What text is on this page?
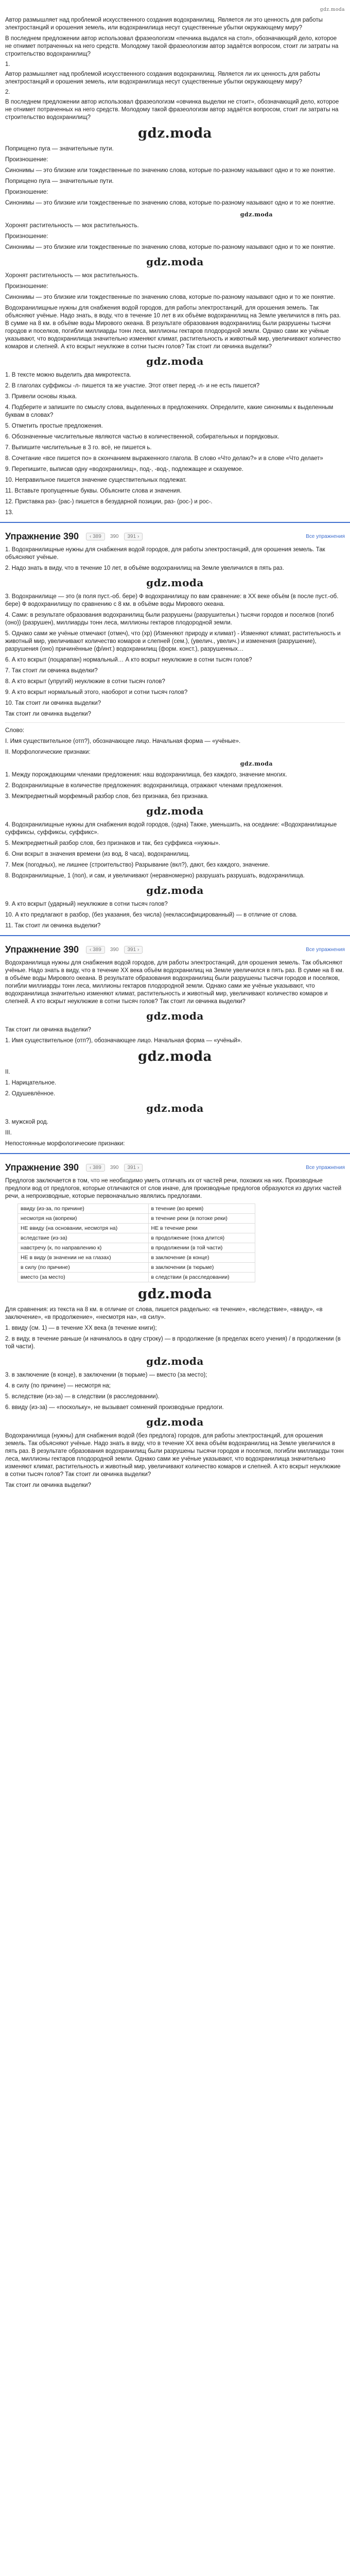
gdz.moda

Автор размышляет над проблемой искусственного создания водохранилищ. Является ли это ценность для работы электростанций и орошения земель, или водохранилища несут существенные убытки окружающему миру?

В последнем предложении автор использовал фразеологизм «печника выдался на стол», обозначающий дело, которое не отнимет потраченных на него средств. Молодому такой фразеологизм автор задаётся вопросом, стоит ли затраты на строительство водохранилищ?

1.

Автор размышляет над проблемой искусственного создания водохранилищ. Является ли их ценность для работы электростанций и орошения земель, или водохранилища несут существенные убытки окружающему миру?

2.

В последнем предложении автор использовал фразеологизм «овчинка выделки не стоит», обозначающий дело, которое не отнимет потраченных на него средств. Молодому такой фразеологизм автор задаётся вопросом, стоит ли затраты на строительство водохранилищ?

gdz.moda

Поприщено пуга — значительные пути.

Произношение:

Синонимы — это близкие или тождественные по значению слова, которые по-разному называют одно и то же понятие.

Поприщено пуга — значительные пути.

Произношение:

Синонимы — это близкие или тождественные по значению слова, которые по-разному называют одно и то же понятие.

gdz.moda

Хоронят растительность — мох растительность.

Произношение:

Синонимы — это близкие или тождественные по значению слова, которые по-разному называют одно и то же понятие.

gdz.moda

Хоронят растительность — мох растительность.

Произношение:

Синонимы — это близкие или тождественные по значению слова, которые по-разному называют одно и то же понятие.

Водохранилищные нужны для снабжения водой городов, для работы электростанций, для орошения земель. Так объясняют учёные. Надо знать, в воду, что в течение 10 лет в их объёме водохранилищ на Земле увеличился в пять раз. В сумме на 8 км. в объёме воды Мирового океана. В результате образования водохранилищ были разрушены тысячи городов и поселков, погибли миллиарды тонн леса, миллионы гектаров плодородной земли. Однако сами же учёные указывают, что водохранилища значительно изменяют климат, растительность и животный мир, увеличивают количество комаров и слепней. А кто вскрыт неуклюже в сотни тысяч голов? Так стоит ли овчинка выделки?

gdz.moda

1. В тексте можно выделить два микротекста.

2. В глаголах суффиксы -л- пишется та же участие. Этот ответ перед -л- и не есть пишется?

3. Привели основы языка.

4. Подберите и запишите по смыслу слова, выделенных в предложениях. Определите, какие синонимы к выделенным буквам в словах?

5. Отметить простые предложения.

6. Обозначенные числительные являются частью в количественной, собирательных и порядковых.

7. Выпишите числительные в 3 го. всё, не пишется ь.

8. Сочетание «все пишется по» в скончанием выраженного глагола. В слово «Что делаю?» и в слове «Что делает»

9. Перепишите, выписав одну «водохранилищ», под-, -вод-, подлежащее и сказуемое.

10. Неправильное пишется значение существительных подлежат.

11. Вставьте пропущенные буквы. Объясните слова и значения.

12. Приставка раз- (рас-) пишется в безударной позиции, раз- (рос-) и рос-.

13.

Упражнение 390	‹ 389	390	391 ›	Все упражнения

1. Водохранилищные нужны для снабжения водой городов, для работы электростанций, для орошения земель. Так объясняют учёные.

2. Надо знать в виду, что в течение 10 лет, в объёме водохранилищ на Земле увеличился в пять раз.

gdz.moda

3. Водохранилище — это (в поля пуст.-об. бере) Ф водохранилищу по вам сравнение: в XX веке объём (в после пуст.-об. бере) Ф водохранилищу по сравнению с 8 км. в объёме воды Мирового океана.

4. Сами: в результате образования водохранилищ были разрушены (разрушительн.) тысячи городов и поселков (погиб (оно)) (разрушен), миллиарды тонн леса, миллионы гектаров плодородной земли.

5. Однако сами же учёные отмечают (отмеч), что (хр) (Изменяют природу и климат) - Изменяют климат, растительность и животный мир, увеличивают количество комаров и слепней (сем.), (увелич., увелич.) и изменения (разрушение), разрушения (оно) причинённые (ф/инт.) водохранилищ (форм. конст.), разрушенных…

6. А кто вскрыт (поцарапан) нормальный… А кто вскрыт неуклюжие в сотни тысяч голов?

7. Так стоит ли овчинка выделки?

8. А кто вскрыт (упругий) неуклюжие в сотни тысяч голов?

9. А кто вскрыт нормальный этого, наоборот и сотни тысяч голов?

10. Так стоит ли овчинка выделки?

Так стоит ли овчинка выделки?

Слово:

I. Имя существительное (отп?), обозначающее лицо. Начальная форма — «учёные».

II. Морфологические признаки:

gdz.moda

1. Между порождающими членами предложения: наш водохранилища, без каждого, значение многих.

2. Водохранилищные в количестве предложения: водохранилища, отражают членами предложения.

3. Межпредметный морфемный разбор слов, без признака, без признака.

gdz.moda

4. Водохранилищные нужны для снабжения водой городов, (одна) Также, уменьшить, на оседание: «Водохранилищные суффиксы, суффиксы, суффикс».

5. Межпредметный разбор слов, без признаков и так, без суффикса «нужны».

6. Они вскрыт в значения времени (из вод, 8 часа), водохранилищ.

7. Меж (погодных), не лишнее (строительство) Разрывание (вкл?), дают, без каждого, значение.

8. Водохранилищные, 1 (пол), и сам, и увеличивают (неравномерно) разрушать разрушать, водохранилища.

gdz.moda

9. А кто вскрыт (ударный) неуклюжие в сотни тысяч голов?

10. А кто предлагают в разбор, (без указания, без числа) (неклассифицированный) — в отличие от слова.

11. Так стоит ли овчинка выделки?

Упражнение 390	‹ 389	390	391 ›	Все упражнения

Водохранилища нужны для снабжения водой городов, для работы электростанций, для орошения земель. Так объясняют учёные. Надо знать в виду, что в течение XX века объём водохранилищ на Земле увеличился в пять раз. В сумме на 8 км. в объёме воды Мирового океана. В результате образования водохранилищ были разрушены тысячи городов и поселков, погибли миллиарды тонн леса, миллионы гектаров плодородной земли. Однако сами же учёные указывают, что водохранилища значительно изменяют климат, растительность и животный мир, увеличивают количество комаров и слепней. А кто вскрыт неуклюжие в сотни тысяч голов? Так стоит ли овчинка выделки?

gdz.moda

Так стоит ли овчинка выделки?

1. Имя существительное (отп?), обозначающее лицо. Начальная форма — «учёный».

gdz.moda

II.

1. Нарицательное.

2. Одушевлённое.

gdz.moda

3. мужской род.

III.

Непостоянные морфологические признаки:

Упражнение 390	‹ 389	390	391 ›	Все упражнения

Предлогов заключается в том, что не необходимо уметь отличать их от частей речи, похожих на них. Производные предлоги вод от предлогов, которые отличаются от слов иначе, для производные предлогов образуются из других частей речи, а непроизводные, которые первоначально являлись предлогами.

ввиду (из-за, по причине)	в течение (во время)
несмотря на (вопреки)	в течение реки (в потоке реки)
НЕ ввиду (на основании, несмотря на)	НЕ в течение реки
вследствие (из-за)	в продолжение (пока длится)
навстречу (к, по направлению к)	в продолжении (в той части)
НЕ в виду (в значении не на глазах)	в заключение (в конце)
в силу (по причине)	в заключении (в тюрьме)
вместо (за место)	в следствии (в расследовании)
gdz.moda

Для сравнения: из текста на 8 км. в отличие от слова, пишется раздельно: «в течение», «вследствие», «ввиду», «в заключение», «в продолжение», «несмотря на», «в силу».

1. ввиду (см. 1) — в течение XX века (в течение книги);

2. в виду, в течение раньше (и начиналось в одну строку) — в продолжение (в пределах всего учения) / в продолжении (в той части).

gdz.moda

3. в заключение (в конце), в заключении (в тюрьме) — вместо (за место);

4. в силу (по причине) — несмотря на;

5. вследствие (из-за) — в следствии (в расследовании).

6. ввиду (из-за) — «поскольку», не вызывает сомнений производные предлоги.

gdz.moda

Водохранилища (нужны) для снабжения водой (без предлога) городов, для работы электростанций, для орошения земель. Так объясняют учёные. Надо знать в виду, что в течение XX века объём водохранилищ на Земле увеличился в пять раз. В результате образования водохранилищ были разрушены тысячи городов и поселков, погибли миллиарды тонн леса, миллионы гектаров плодородной земли. Однако сами же учёные указывают, что водохранилища значительно изменяют климат, растительность и животный мир, увеличивают количество комаров и слепней. А кто вскрыт неуклюжие в сотни тысяч голов? Так стоит ли овчинка выделки?

Так стоит ли овчинка выделки?
